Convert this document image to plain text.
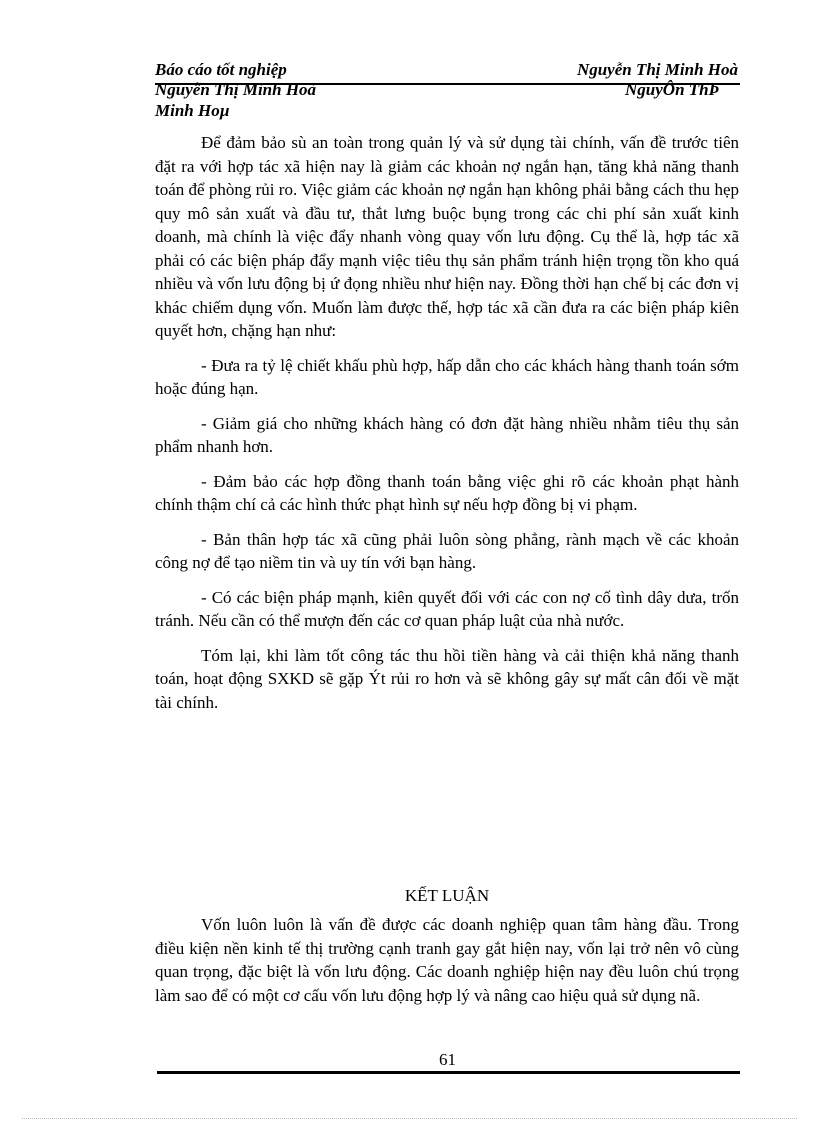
Báo cáo tốt nghiệp	Nguyễn Thị Minh Hoà
Nguyễn Thị Minh Hoà	NguyÔn ThÞ
Minh Hoµ

Để đảm bảo sù an toàn trong quản lý và sử dụng tài chính, vấn đề trước tiên đặt ra với hợp tác xã hiện nay là giảm các khoản nợ ngắn hạn, tăng khả năng thanh toán để phòng rủi ro. Việc giảm các khoản nợ ngắn hạn không phải bằng cách thu hẹp quy mô sản xuất và đầu tư, thắt lưng buộc bụng trong các chi phí sản xuất kinh doanh, mà chính là việc đẩy nhanh vòng quay vốn lưu động. Cụ thể là, hợp tác xã phải có các biện pháp đẩy mạnh việc tiêu thụ sản phẩm tránh hiện trọng tồn kho quá nhiều và vốn lưu động bị ứ đọng nhiều như hiện nay. Đồng thời hạn chế bị các đơn vị khác chiếm dụng vốn. Muốn làm được thế, hợp tác xã cần đưa ra các biện pháp kiên quyết hơn, chặng hạn như:

- Đưa ra tỷ lệ chiết khấu phù hợp, hấp dẫn cho các khách hàng thanh toán sớm hoặc đúng hạn.

- Giảm giá cho những khách hàng có đơn đặt hàng nhiều nhằm tiêu thụ sản phẩm nhanh hơn.

- Đảm bảo các hợp đồng thanh toán bằng việc ghi rõ các khoản phạt hành chính thậm chí cả các hình thức phạt hình sự nếu hợp đồng bị vi phạm.

- Bản thân hợp tác xã cũng phải luôn sòng phẳng, rành mạch về các khoản công nợ để tạo niềm tin và uy tín với bạn hàng.

- Có các biện pháp mạnh, kiên quyết đối với các con nợ cố tình dây dưa, trốn tránh. Nếu cần có thể mượn đến các cơ quan pháp luật của nhà nước.

Tóm lại, khi làm tốt công tác thu hồi tiền hàng và cải thiện khả năng thanh toán, hoạt động SXKD sẽ gặp Ýt rủi ro hơn và sẽ không gây sự mất cân đối về mặt tài chính.

KẾT LUẬN

Vốn luôn luôn là vấn đề được các doanh nghiệp quan tâm hàng đầu. Trong điều kiện nền kinh tế thị trường cạnh tranh gay gắt hiện nay, vốn lại trở nên vô cùng quan trọng, đặc biệt là vốn lưu động. Các doanh nghiệp hiện nay đều luôn chú trọng làm sao để có một cơ cấu vốn lưu động hợp lý và nâng cao hiệu quả sử dụng nã.

61
